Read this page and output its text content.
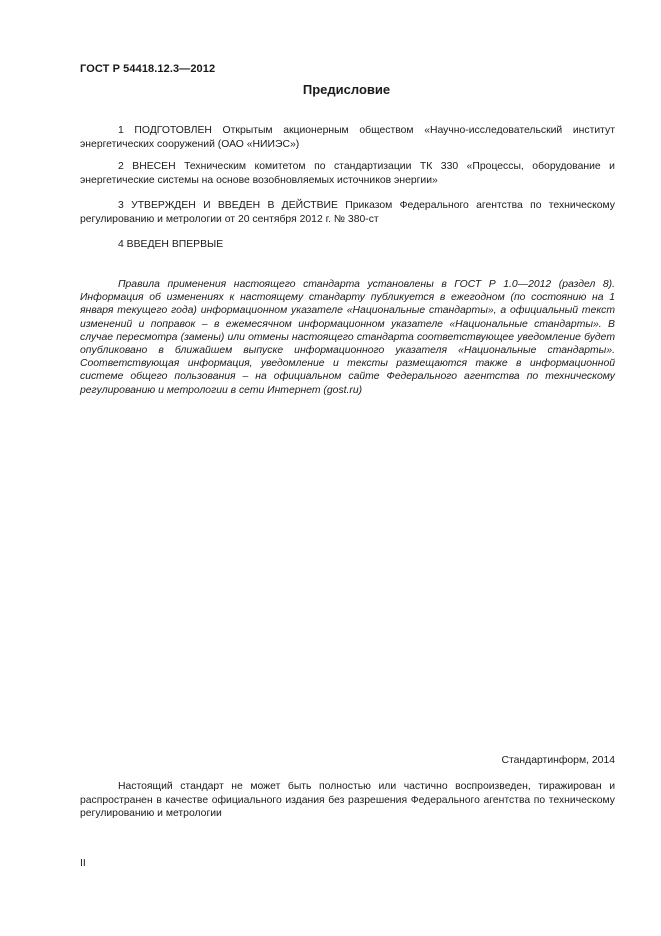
ГОСТ Р 54418.12.3—2012
Предисловие
1 ПОДГОТОВЛЕН Открытым акционерным обществом «Научно-исследовательский институт энергетических сооружений (ОАО «НИИЭС»)
2 ВНЕСЕН Техническим комитетом по стандартизации ТК 330 «Процессы, оборудование и энергетические системы на основе возобновляемых источников энергии»
3 УТВЕРЖДЕН И ВВЕДЕН В ДЕЙСТВИЕ Приказом Федерального агентства по техническому регулированию и метрологии от 20 сентября 2012 г. № 380-ст
4 ВВЕДЕН ВПЕРВЫЕ
Правила применения настоящего стандарта установлены в ГОСТ Р 1.0—2012 (раздел 8). Информация об изменениях к настоящему стандарту публикуется в ежегодном (по состоянию на 1 января текущего года) информационном указателе «Национальные стандарты», а официальный текст изменений и поправок – в ежемесячном информационном указателе «Национальные стандарты». В случае пересмотра (замены) или отмены настоящего стандарта соответствующее уведомление будет опубликовано в ближайшем выпуске информационного указателя «Национальные стандарты». Соответствующая информация, уведомление и тексты размещаются также в информационной системе общего пользования – на официальном сайте Федерального агентства по техническому регулированию и метрологии в сети Интернет (gost.ru)
Стандартинформ, 2014
Настоящий стандарт не может быть полностью или частично воспроизведен, тиражирован и распространен в качестве официального издания без разрешения Федерального агентства по техническому регулированию и метрологии
II
